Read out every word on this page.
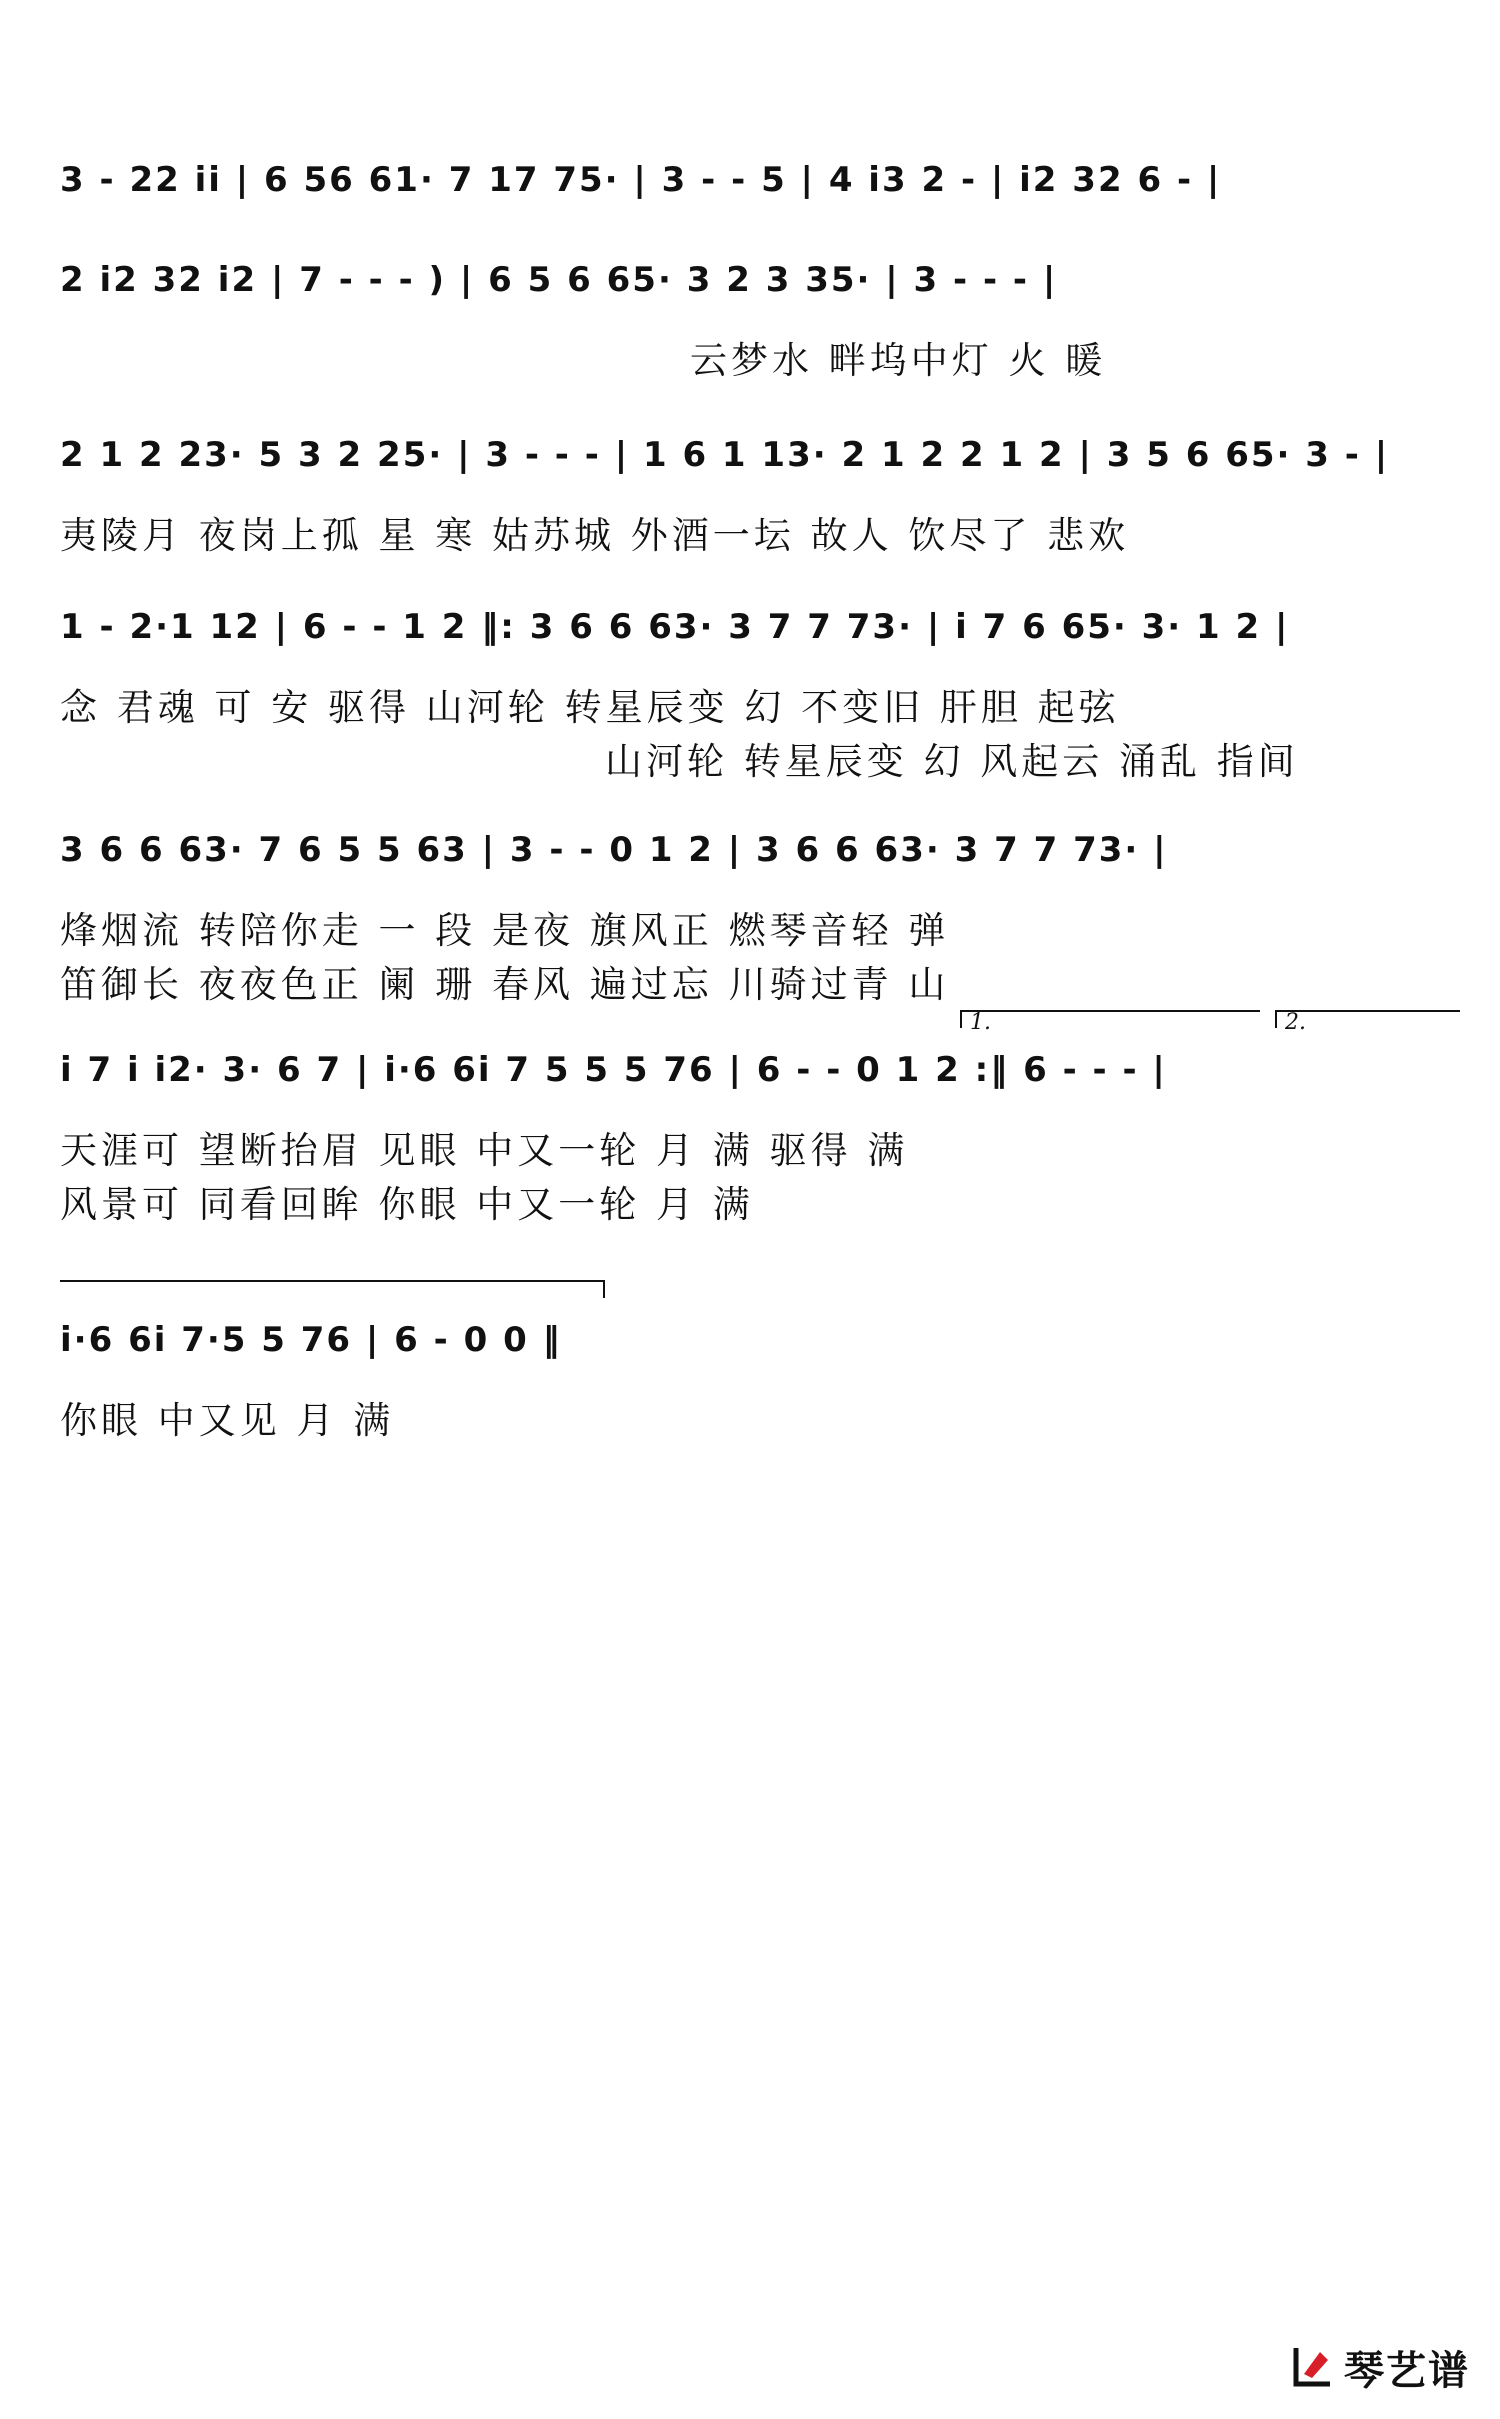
3 - 22 ii | 6 56 61· 7 17 75· | 3 - - 5 | 4 i3 2 - | i2 32 6 - |
2 i2 32 i2 | 7 - - - ) | 6 5 6 65· 3 2 3 35· | 3 - - - |
云梦水 畔坞中灯 火 暖
2 1 2 23· 5 3 2 25· | 3 - - - | 1 6 1 13· 2 1 2 2 1 2 | 3 5 6 65· 3 - |
夷陵月 夜岗上孤 星 寒 姑苏城 外酒一坛 故人 饮尽了 悲欢
1 - 2·1 12 | 6 - - 1 2 ‖: 3 6 6 63· 3 7 7 73· | i 7 6 65· 3· 1 2 |
念 君魂 可 安 驱得 山河轮 转星辰变 幻 不变旧 肝胆 起弦
山河轮 转星辰变 幻 风起云 涌乱 指间
3 6 6 63· 7 6 5 5 63 | 3 - - 0 1 2 | 3 6 6 63· 3 7 7 73· |
烽烟流 转陪你走 一 段 是夜 旗风正 燃琴音轻 弹
笛御长 夜夜色正 阑 珊 春风 遍过忘 川骑过青 山
1.	2.
i 7 i i2· 3· 6 7 | i·6 6i 7 5 5 5 76 | 6 - - 0 1 2 :‖ 6 - - - |
天涯可 望断抬眉 见眼 中又一轮 月 满 驱得 满
风景可 同看回眸 你眼 中又一轮 月 满
i·6 6i 7·5 5 76 | 6 - 0 0 ‖
你眼 中又见 月 满
琴艺谱
